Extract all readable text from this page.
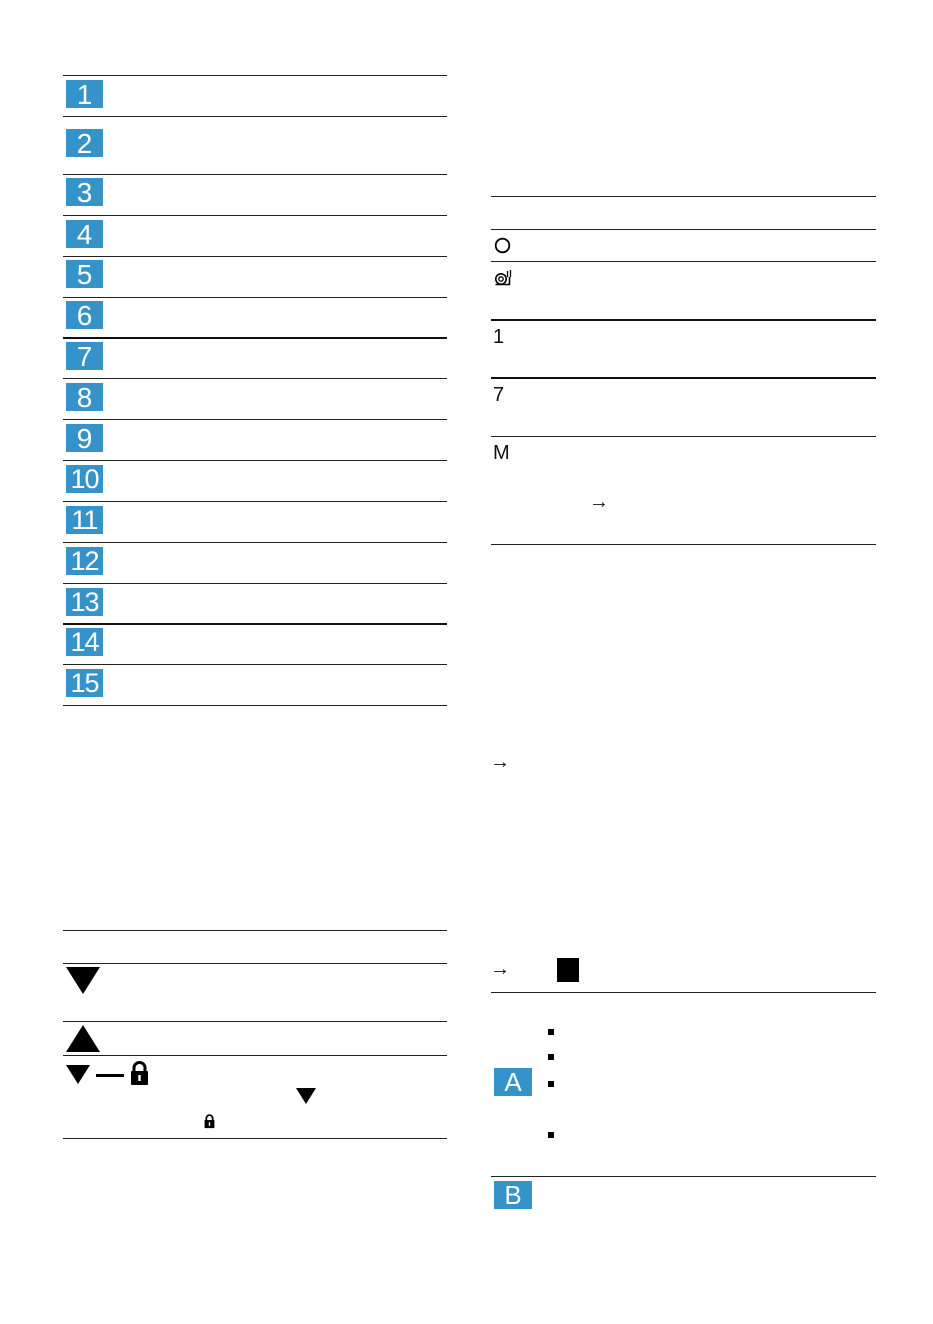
1
2
3
4
5
6
7
8
9
10
11
12
13
14
15
1
7
M
→
→
→
A
B
